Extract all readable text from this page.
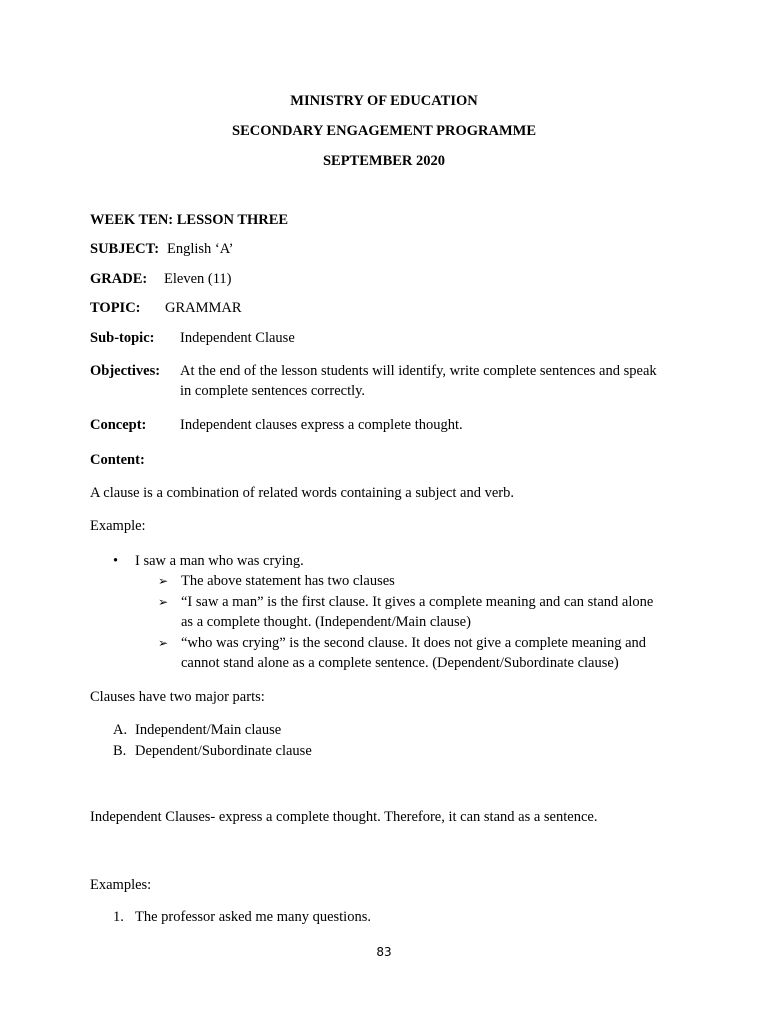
MINISTRY OF EDUCATION
SECONDARY ENGAGEMENT PROGRAMME
SEPTEMBER 2020
WEEK TEN: LESSON THREE
SUBJECT: English ‘A’
GRADE: Eleven (11)
TOPIC: GRAMMAR
Sub-topic: Independent Clause
Objectives: At the end of the lesson students will identify, write complete sentences and speak
in complete sentences correctly.
Concept: Independent clauses express a complete thought.
Content:
A clause is a combination of related words containing a subject and verb.
Example:
• I saw a man who was crying.
➢ The above statement has two clauses
➢ “I saw a man” is the first clause. It gives a complete meaning and can stand alone
as a complete thought. (Independent/Main clause)
➢ “who was crying” is the second clause. It does not give a complete meaning and
cannot stand alone as a complete sentence. (Dependent/Subordinate clause)
Clauses have two major parts:
A. Independent/Main clause
B. Dependent/Subordinate clause
Independent Clauses- express a complete thought. Therefore, it can stand as a sentence.
Examples:
1. The professor asked me many questions.
83
